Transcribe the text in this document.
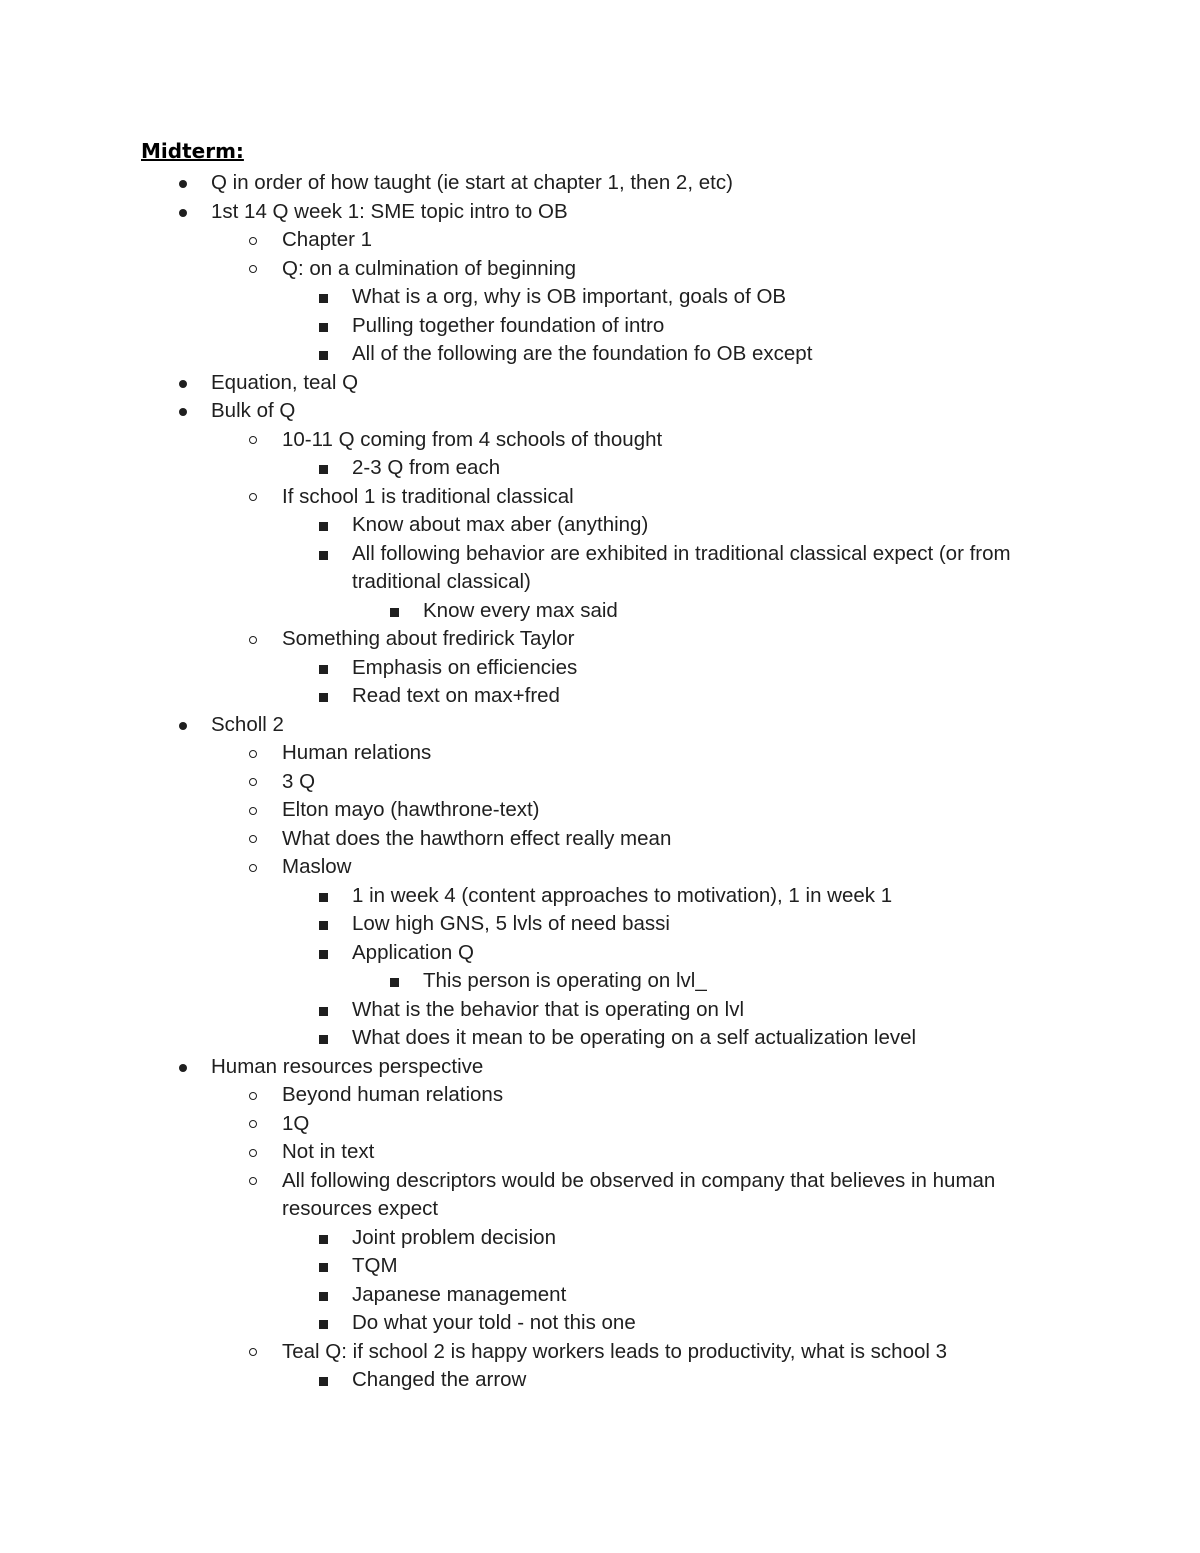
Midterm:

Q in order of how taught (ie start at chapter 1, then 2, etc)
1st 14 Q week 1: SME topic intro to OB
Chapter 1
Q: on a culmination of beginning
What is a org, why is OB important, goals of OB
Pulling together foundation of intro
All of the following are the foundation fo OB except
Equation, teal Q
Bulk of Q
10-11 Q coming from 4 schools of thought
2-3 Q from each
If school 1 is traditional classical
Know about max aber (anything)
All following behavior are exhibited in traditional classical expect (or from traditional classical)
Know every max said
Something about fredirick Taylor
Emphasis on efficiencies
Read text on max+fred
Scholl 2
Human relations
3 Q
Elton mayo (hawthrone-text)
What does the hawthorn effect really mean
Maslow
1 in week 4 (content approaches to motivation), 1 in week 1
Low high GNS, 5 lvls of need bassi
Application Q
This person is operating on lvl_
What is the behavior that is operating on lvl
What does it mean to be operating on a self actualization level
Human resources perspective
Beyond human relations
1Q
Not in text
All following descriptors would be observed in company that believes in human resources expect
Joint problem decision
TQM
Japanese management
Do what your told - not this one
Teal Q: if school 2 is happy workers leads to productivity, what is school 3
Changed the arrow
